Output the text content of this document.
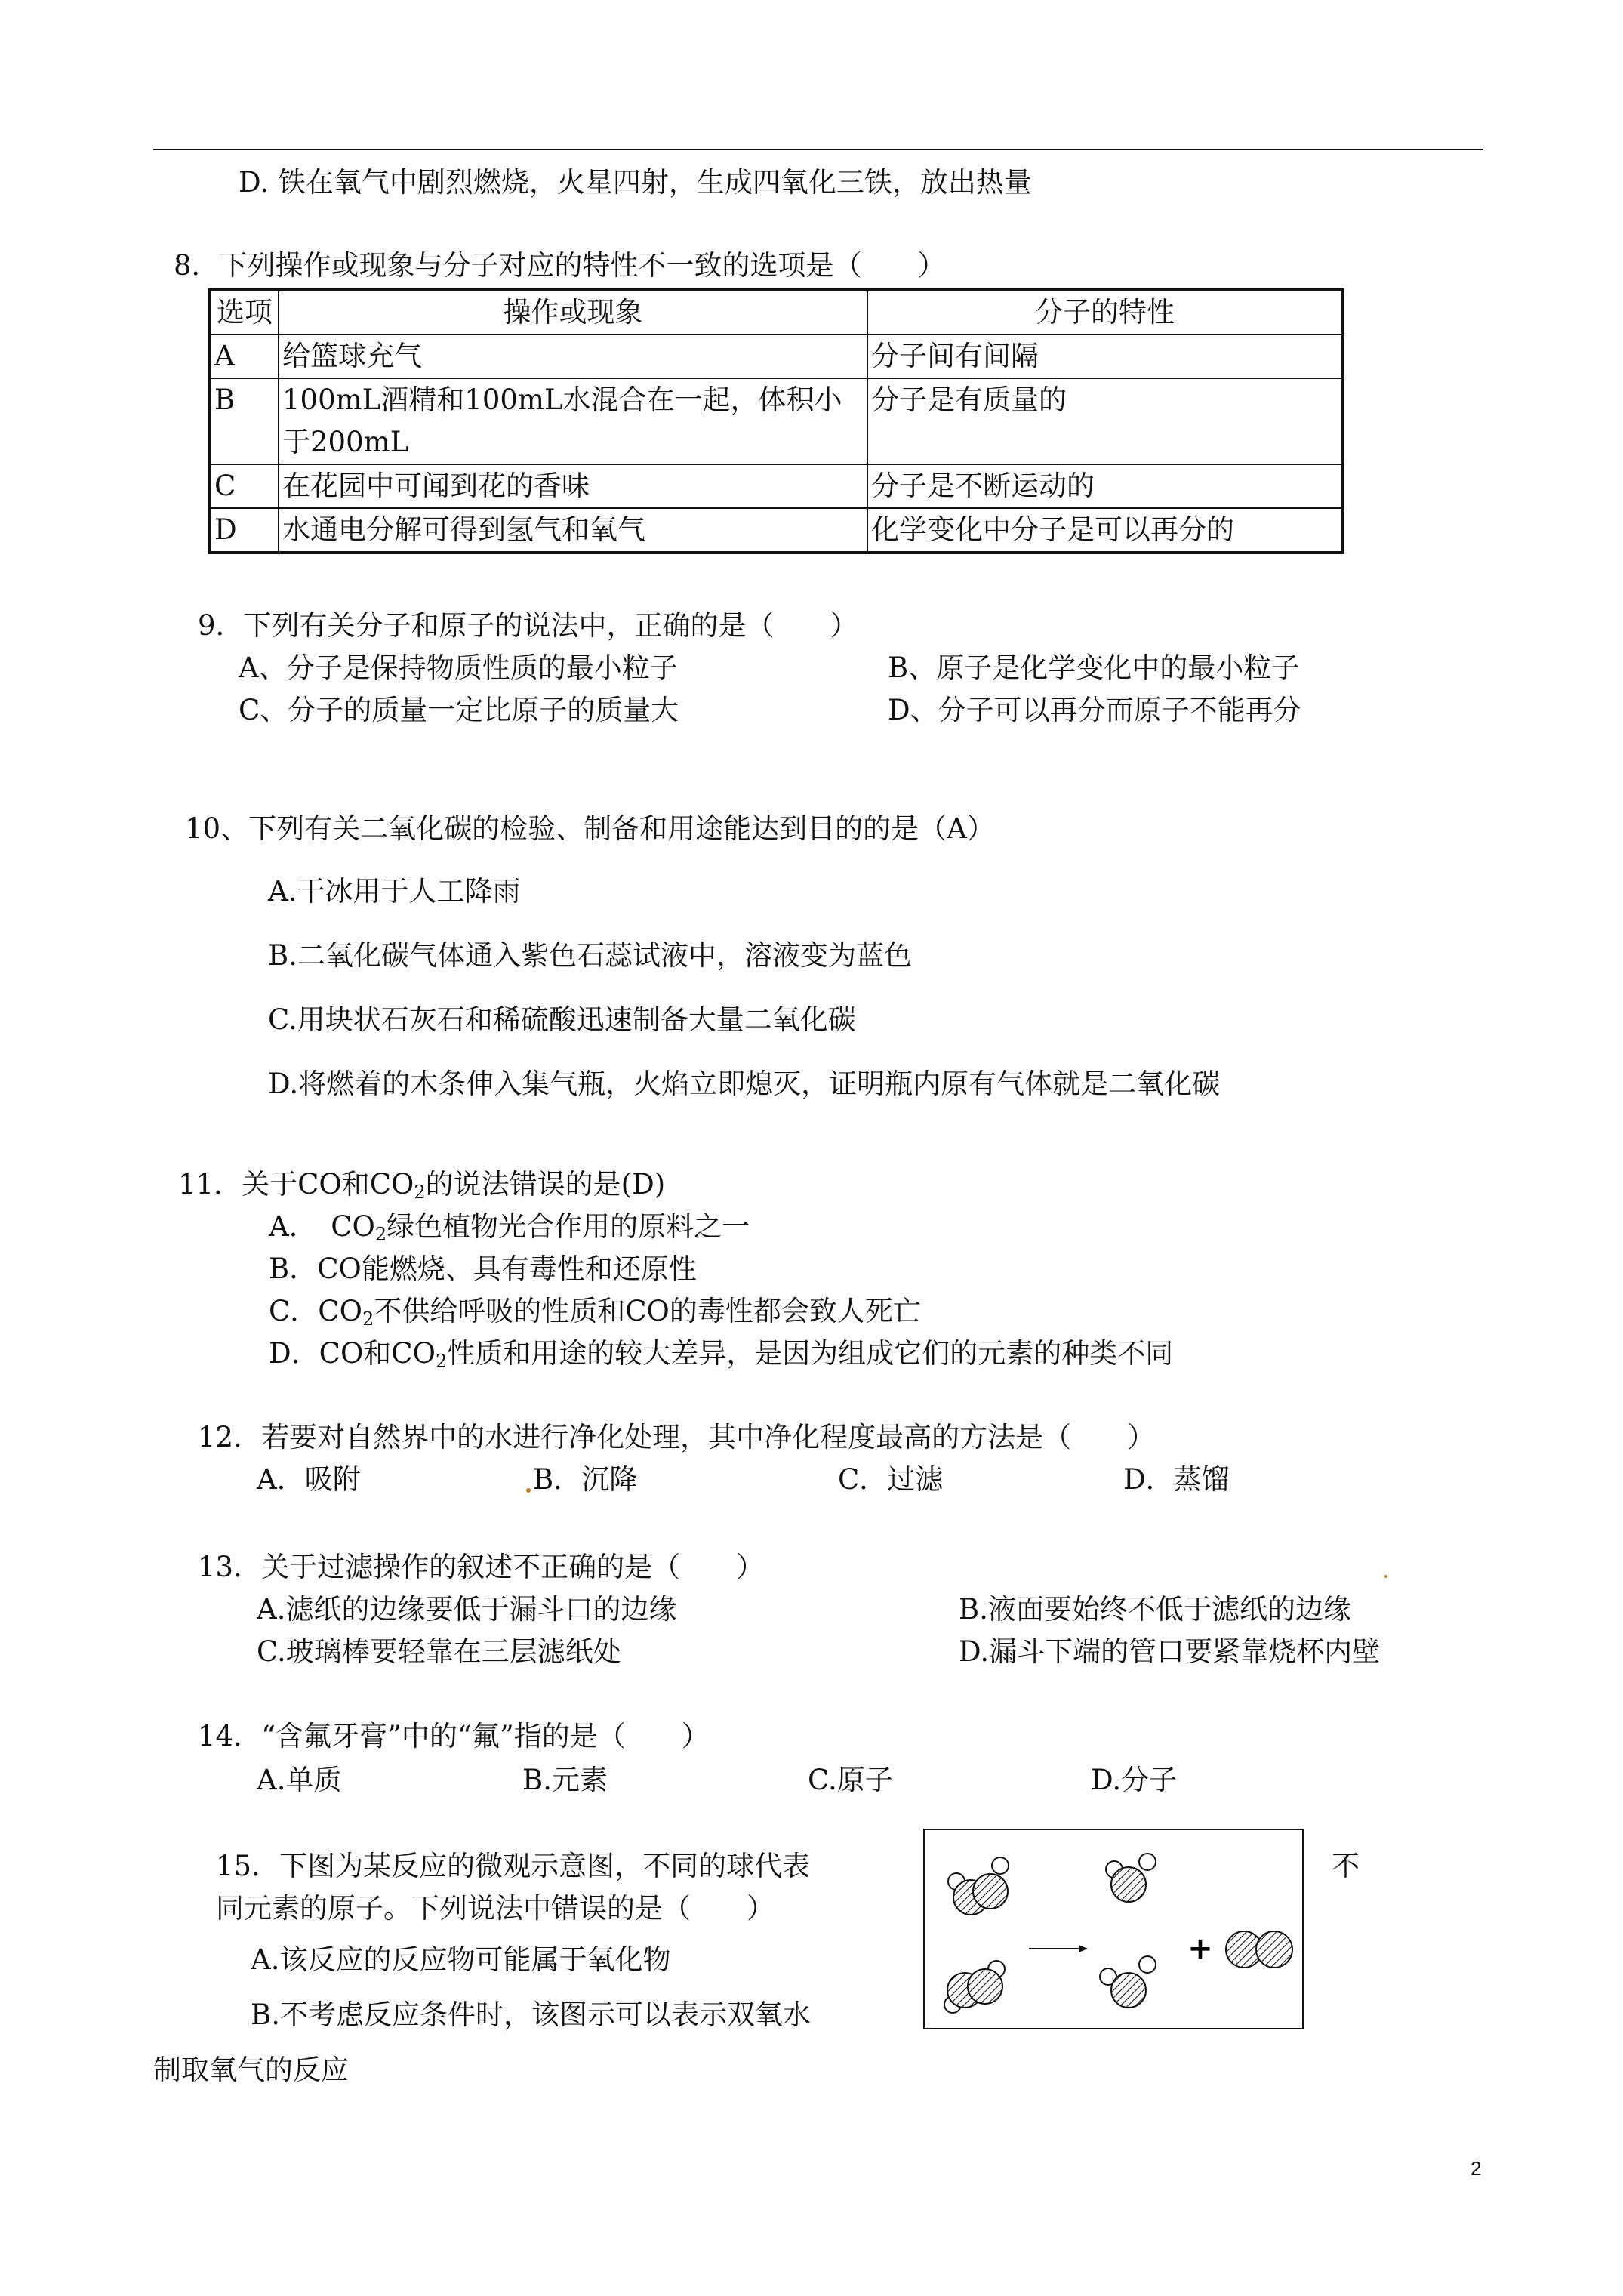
D. 铁在氧气中剧烈燃烧，火星四射，生成四氧化三铁，放出热量
8．下列操作或现象与分子对应的特性不一致的选项是（　　）
选项	操作或现象	分子的特性
A	给篮球充气	分子间有间隔
B	100mL酒精和100mL水混合在一起，体积小于200mL	分子是有质量的
C	在花园中可闻到花的香味	分子是不断运动的
D	水通电分解可得到氢气和氧气	化学变化中分子是可以再分的
9．下列有关分子和原子的说法中，正确的是（　　）
A、分子是保持物质性质的最小粒子	B、原子是化学变化中的最小粒子
C、分子的质量一定比原子的质量大	D、分子可以再分而原子不能再分
10、下列有关二氧化碳的检验、制备和用途能达到目的的是（A）
A.干冰用于人工降雨
B.二氧化碳气体通入紫色石蕊试液中，溶液变为蓝色
C.用块状石灰石和稀硫酸迅速制备大量二氧化碳
D.将燃着的木条伸入集气瓶，火焰立即熄灭，证明瓶内原有气体就是二氧化碳
11．关于CO和$CO_2$的说法错误的是(D)
A．　$CO_2$绿色植物光合作用的原料之一
B．CO能燃烧、具有毒性和还原性
C．$CO_2$不供给呼吸的性质和CO的毒性都会致人死亡
D．CO和$CO_2$性质和用途的较大差异，是因为组成它们的元素的种类不同
12．若要对自然界中的水进行净化处理，其中净化程度最高的方法是（　　）
A．吸附	B．沉降	C．过滤	D．蒸馏
13．关于过滤操作的叙述不正确的是（　　）
A.滤纸的边缘要低于漏斗口的边缘	B.液面要始终不低于滤纸的边缘
C.玻璃棒要轻靠在三层滤纸处	D.漏斗下端的管口要紧靠烧杯内壁
14．“含氟牙膏”中的“氟”指的是（　　）
A.单质	B.元素	C.原子	D.分子
15．下图为某反应的微观示意图，不同的球代表	不
同元素的原子。下列说法中错误的是（　　）
A.该反应的反应物可能属于氧化物
B.不考虑反应条件时，该图示可以表示双氧水
制取氧气的反应
+
2
